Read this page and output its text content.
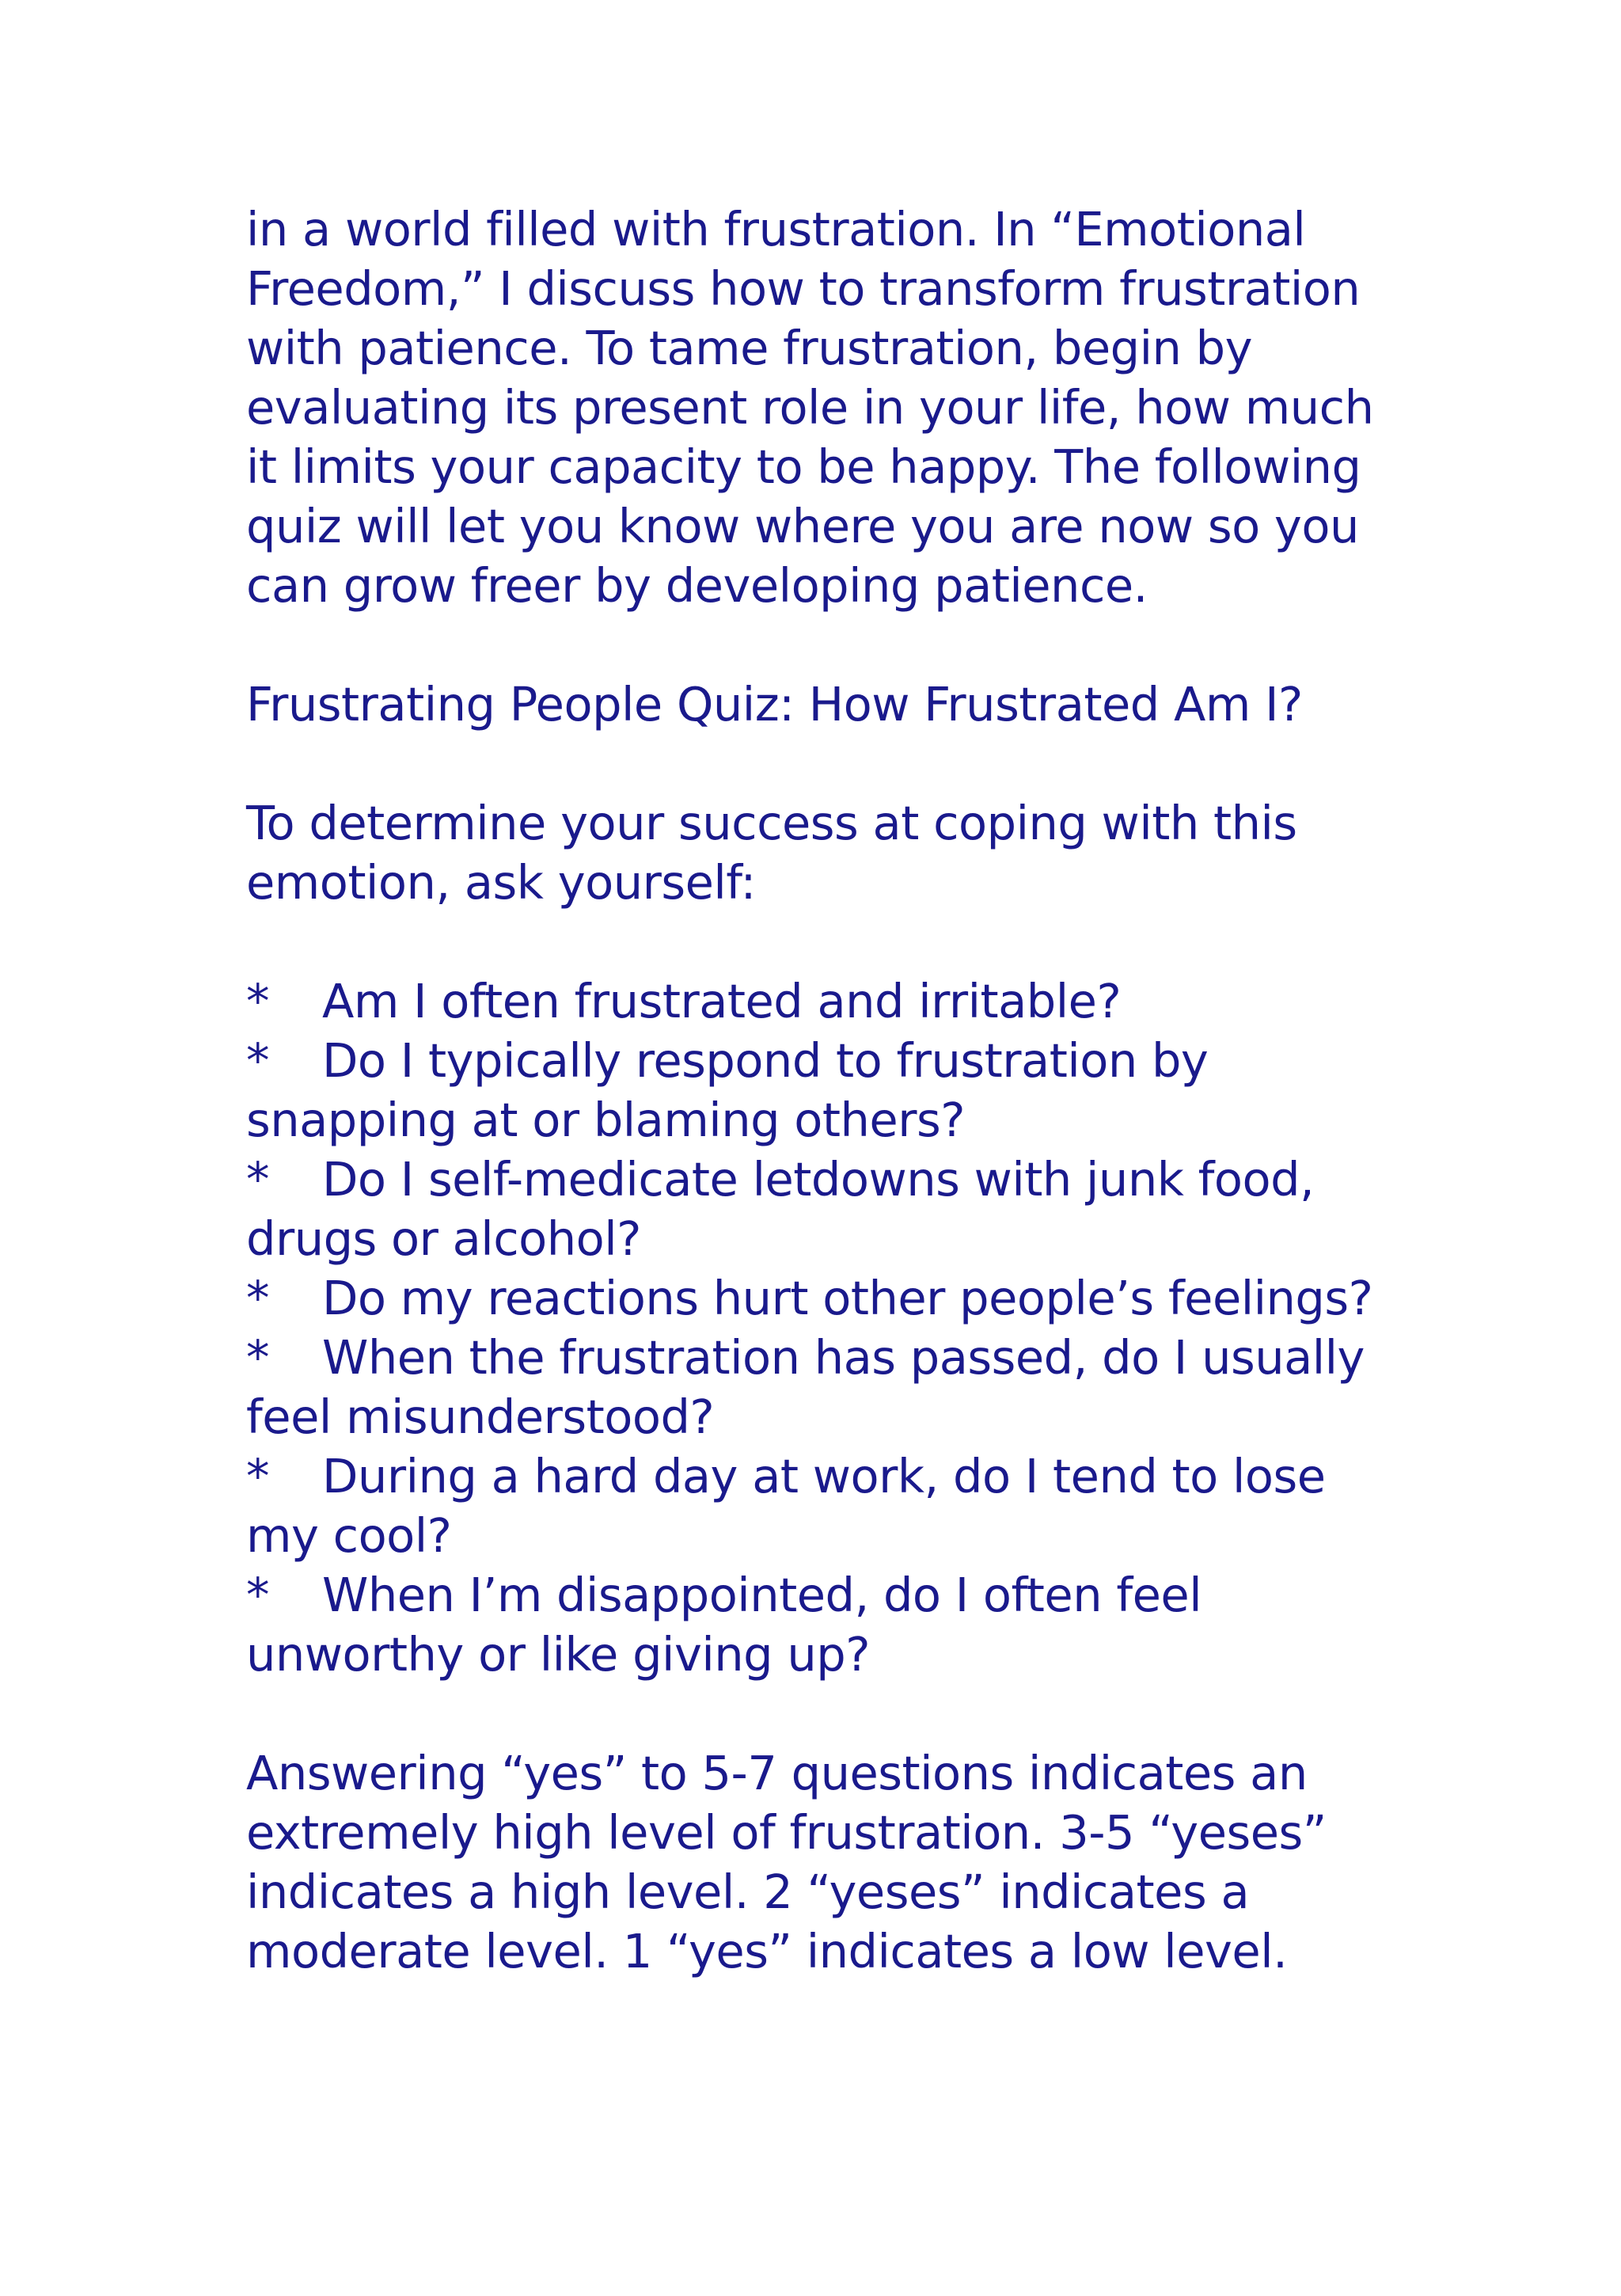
in a world filled with frustration. In “Emotional
Freedom,” I discuss how to transform frustration
with patience. To tame frustration, begin by
evaluating its present role in your life, how much
it limits your capacity to be happy. The following
quiz will let you know where you are now so you
can grow freer by developing patience.
Frustrating People Quiz: How Frustrated Am I?
To determine your success at coping with this
emotion, ask yourself:
* Am I often frustrated and irritable?
* Do I typically respond to frustration by
snapping at or blaming others?
* Do I self-medicate letdowns with junk food,
drugs or alcohol?
* Do my reactions hurt other people’s feelings?
* When the frustration has passed, do I usually
feel misunderstood?
* During a hard day at work, do I tend to lose
my cool?
* When I’m disappointed, do I often feel
unworthy or like giving up?
Answering “yes” to 5-7 questions indicates an
extremely high level of frustration. 3-5 “yeses”
indicates a high level. 2 “yeses” indicates a
moderate level. 1 “yes” indicates a low level.
